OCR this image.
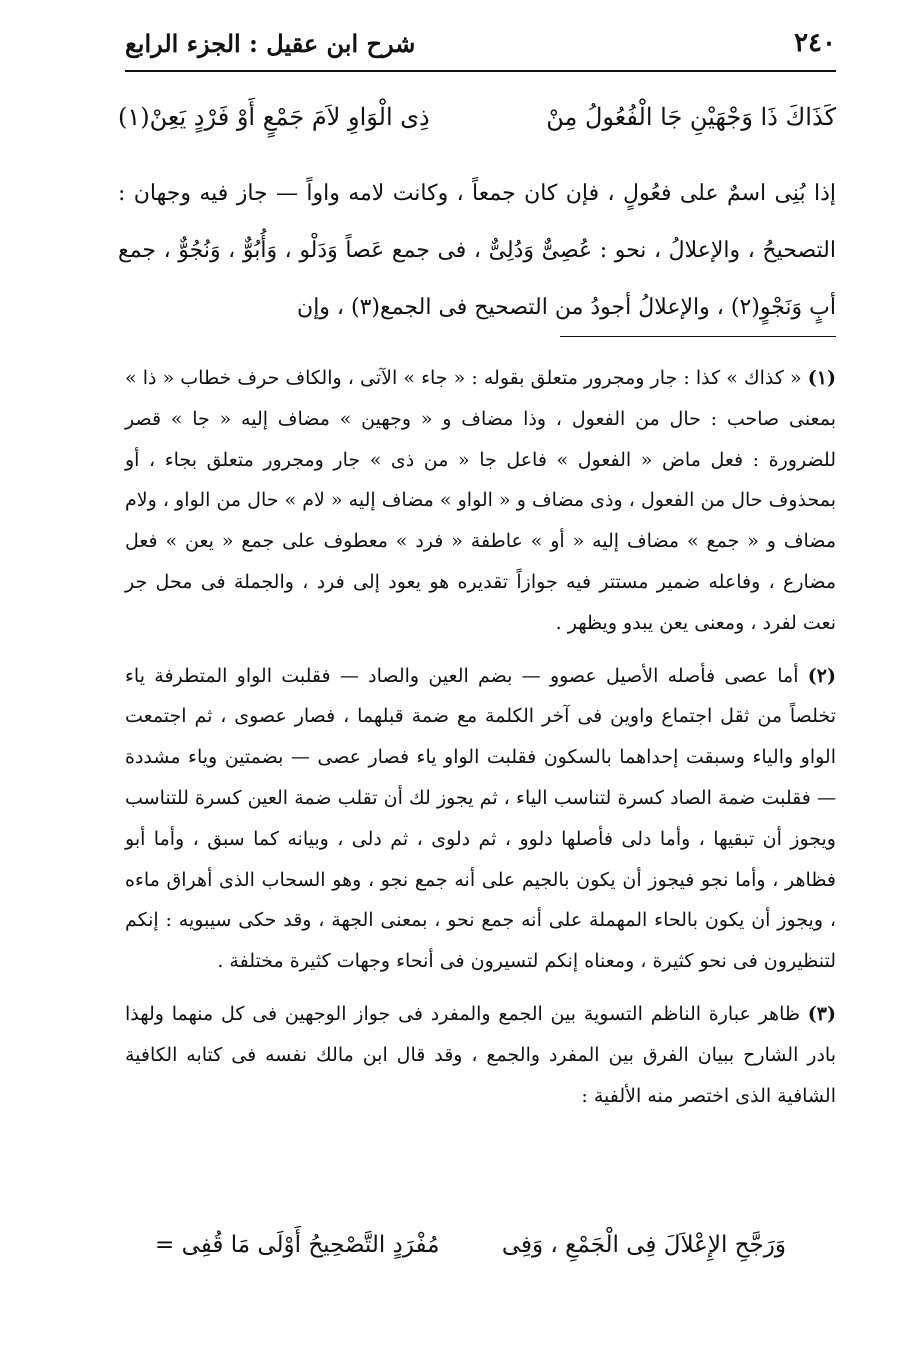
شرح ابن عقيل : الجزء الرابع	٢٤٠
كَذَاكَ ذَا وَجْهَيْنِ جَا الْفُعُولُ مِنْ
ذِى الْوَاوِ لاَمَ جَمْعٍ أَوْ فَرْدٍ يَعِنْ(١)

إذا بُنِى اسمٌ على فعُولٍ ، فإن كان جمعاً ، وكانت لامه واواً — جاز فيه وجهان : التصحيحُ ، والإعلالُ ، نحو : عُصِىٌّ وَدُلِىٌّ ، فى جمع عَصاً وَدَلْو ، وَأُبُوٌّ ، وَنُجُوٌّ ، جمع أبٍ وَنَجْوٍ(٢) ، والإعلالُ أجودُ من التصحيح فى الجمع(٣) ، وإن

(١) « كذاك » كذا : جار ومجرور متعلق بقوله : « جاء » الآتى ، والكاف حرف خطاب « ذا » بمعنى صاحب : حال من الفعول ، وذا مضاف و « وجهين » مضاف إليه « جا » قصر للضرورة : فعل ماض « الفعول » فاعل جا « من ذى » جار ومجرور متعلق بجاء ، أو بمحذوف حال من الفعول ، وذى مضاف و « الواو » مضاف إليه « لام » حال من الواو ، ولام مضاف و « جمع » مضاف إليه « أو » عاطفة « فرد » معطوف على جمع « يعن » فعل مضارع ، وفاعله ضمير مستتر فيه جوازاً تقديره هو يعود إلى فرد ، والجملة فى محل جر نعت لفرد ، ومعنى يعن يبدو ويظهر .

(٢) أما عصى فأصله الأصيل عصوو — بضم العين والصاد — فقلبت الواو المتطرفة ياء تخلصاً من ثقل اجتماع واوين فى آخر الكلمة مع ضمة قبلهما ، فصار عصوى ، ثم اجتمعت الواو والياء وسبقت إحداهما بالسكون فقلبت الواو ياء فصار عصى — بضمتين وياء مشددة — فقلبت ضمة الصاد كسرة لتناسب الياء ، ثم يجوز لك أن تقلب ضمة العين كسرة للتناسب ويجوز أن تبقيها ، وأما دلى فأصلها دلوو ، ثم دلوى ، ثم دلى ، وبيانه كما سبق ، وأما أبو فظاهر ، وأما نجو فيجوز أن يكون بالجيم على أنه جمع نجو ، وهو السحاب الذى أهراق ماءه ، ويجوز أن يكون بالحاء المهملة على أنه جمع نحو ، بمعنى الجهة ، وقد حكى سيبويه : إنكم لتنظيرون فى نحو كثيرة ، ومعناه إنكم لتسيرون فى أنحاء وجهات كثيرة مختلفة .

(٣) ظاهر عبارة الناظم التسوية بين الجمع والمفرد فى جواز الوجهين فى كل منهما ولهذا بادر الشارح ببيان الفرق بين المفرد والجمع ، وقد قال ابن مالك نفسه فى كتابه الكافية الشافية الذى اختصر منه الألفية :

وَرَجَّحِ الإِعْلاَلَ فِى الْجَمْعِ ، وَفِى
مُفْرَدٍ التَّصْحِيحُ أَوْلَى مَا قُفِى =
